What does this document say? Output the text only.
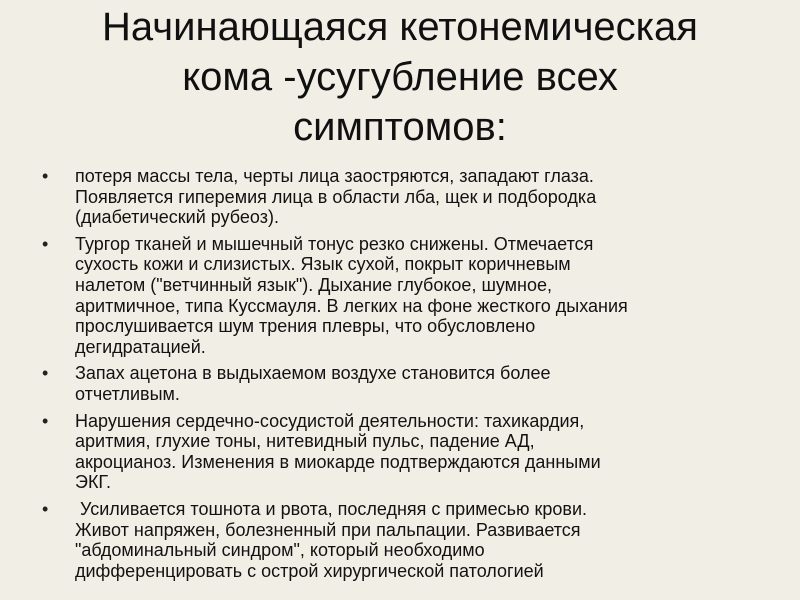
Начинающаяся кетонемическая
кома -усугубление всех
симптомов:
•	потеря массы тела, черты лица заостряются, западают глаза.
Появляется гиперемия лица в области лба, щек и подбородка
(диабетический рубеоз).
•	Тургор тканей и мышечный тонус резко снижены. Отмечается
сухость кожи и слизистых. Язык сухой, покрыт коричневым
налетом ("ветчинный язык"). Дыхание глубокое, шумное,
аритмичное, типа Куссмауля. В легких на фоне жесткого дыхания
прослушивается шум трения плевры, что обусловлено
дегидратацией.
•	Запах ацетона в выдыхаемом воздухе становится более
отчетливым.
•	Нарушения сердечно-сосудистой деятельности: тахикардия,
аритмия, глухие тоны, нитевидный пульс, падение АД,
акроцианоз. Изменения в миокарде подтверждаются данными
ЭКГ.
•	Усиливается тошнота и рвота, последняя с примесью крови.
Живот напряжен, болезненный при пальпации. Развивается
"абдоминальный синдром", который необходимо
дифференцировать с острой хирургической патологией
